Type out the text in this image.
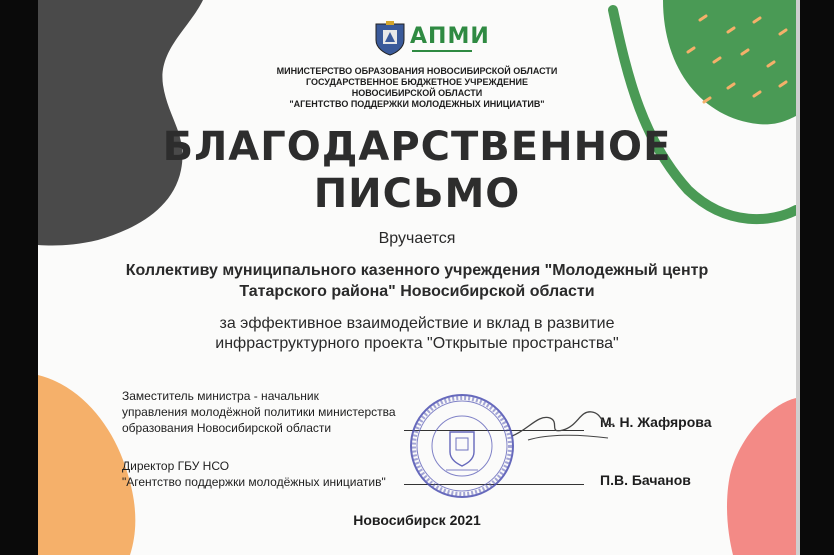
АПМИ
МИНИСТЕРСТВО ОБРАЗОВАНИЯ НОВОСИБИРСКОЙ ОБЛАСТИ
ГОСУДАРСТВЕННОЕ БЮДЖЕТНОЕ УЧРЕЖДЕНИЕ
НОВОСИБИРСКОЙ ОБЛАСТИ
"АГЕНТСТВО ПОДДЕРЖКИ МОЛОДЕЖНЫХ ИНИЦИАТИВ"
БЛАГОДАРСТВЕННОЕ
ПИСЬМО
Вручается
Коллективу муниципального казенного учреждения "Молодежный центр
Татарского района" Новосибирской области
за эффективное взаимодействие и вклад в развитие
инфраструктурного проекта "Открытые пространства"
Заместитель министра - начальник
управления молодёжной политики министерства
образования Новосибирской области	М. Н. Жафярова
Директор ГБУ НСО
"Агентство поддержки молодёжных инициатив"	П.В. Бачанов
Новосибирск 2021
